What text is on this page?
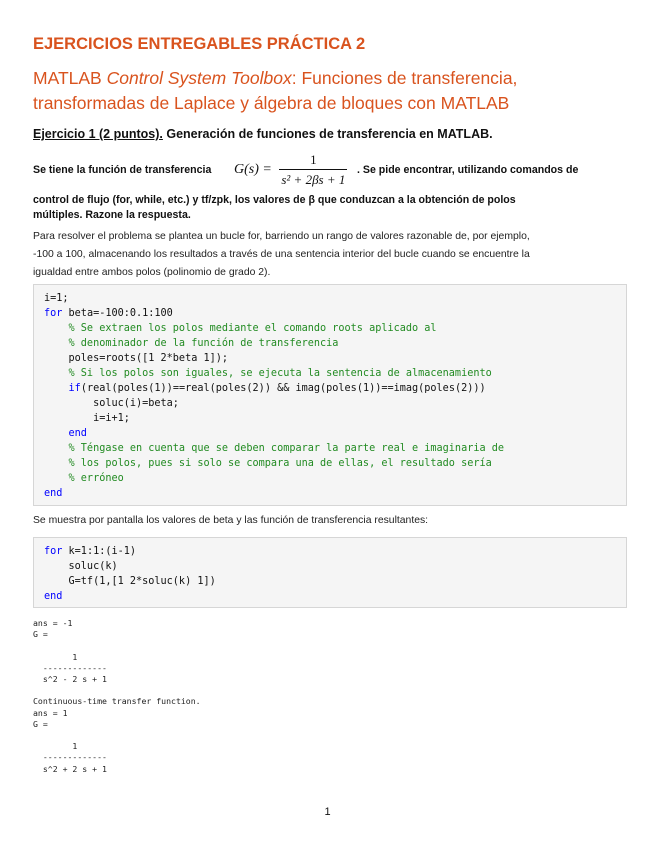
EJERCICIOS ENTREGABLES PRÁCTICA 2
MATLAB Control System Toolbox: Funciones de transferencia,
transformadas de Laplace y álgebra de bloques con MATLAB
Ejercicio 1 (2 puntos). Generación de funciones de transferencia en MATLAB.
Se tiene la función de transferencia $G(s) = \frac{1}{\text{s² + 2βs + 1}}$ . Se pide encontrar, utilizando comandos de
control de flujo (for, while, etc.) y tf/zpk, los valores de β que conduzcan a la obtención de polos
múltiples. Razone la respuesta.
Para resolver el problema se plantea un bucle for, barriendo un rango de valores razonable de, por ejemplo,
-100 a 100, almacenando los resultados a través de una sentencia interior del bucle cuando se encuentre la
igualdad entre ambos polos (polinomio de grado 2).
i=1;
for beta=-100:0.1:100
% Se extraen los polos mediante el comando roots aplicado al
% denominador de la función de transferencia
poles=roots([1 2*beta 1]);
% Si los polos son iguales, se ejecuta la sentencia de almacenamiento
if(real(poles(1))==real(poles(2)) && imag(poles(1))==imag(poles(2)))
soluc(i)=beta;
i=i+1;
end
% Téngase en cuenta que se deben comparar la parte real e imaginaria de
% los polos, pues si solo se compara una de ellas, el resultado sería
% erróneo
end
Se muestra por pantalla los valores de beta y las función de transferencia resultantes:
for k=1:1:(i-1)
soluc(k)
G=tf(1,[1 2*soluc(k) 1])
end
ans = -1
G =

1
-------------
s^2 - 2 s + 1

Continuous-time transfer function.
ans = 1
G =

1
-------------
s^2 + 2 s + 1
1
